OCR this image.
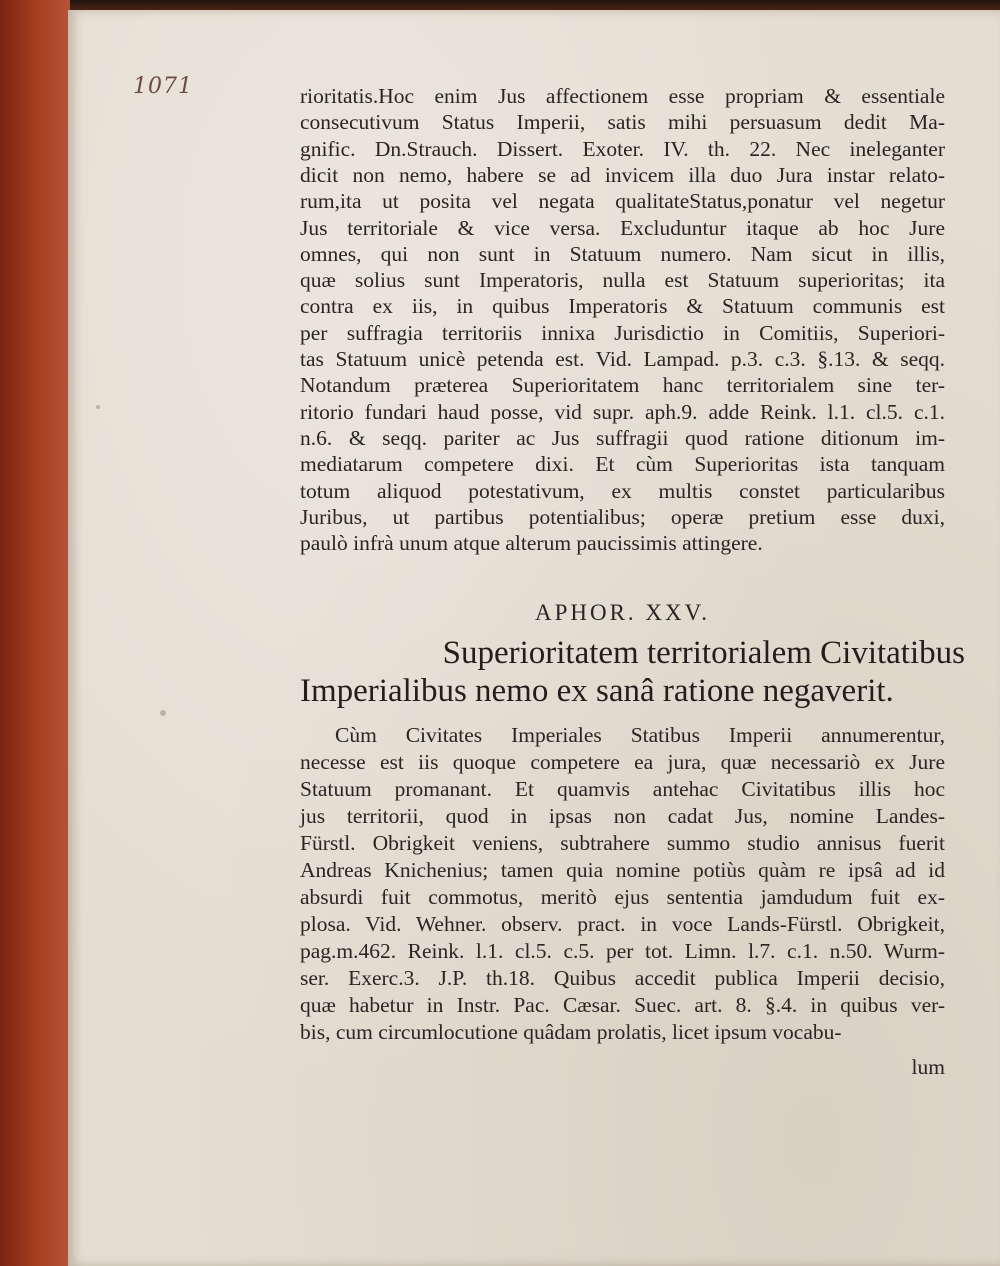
1071	rioritatis.Hoc enim Jus affectionem esse propriam & essentiale
consecutivum Status Imperii, satis mihi persuasum dedit Ma-
gnific. Dn.Strauch. Dissert. Exoter. IV. th. 22. Nec ineleganter
dicit non nemo, habere se ad invicem illa duo Jura instar relato-
rum,ita ut posita vel negata qualitateStatus,ponatur vel negetur
Jus territoriale & vice versa. Excluduntur itaque ab hoc Jure
omnes, qui non sunt in Statuum numero. Nam sicut in illis,
quæ solius sunt Imperatoris, nulla est Statuum superioritas; ita
contra ex iis, in quibus Imperatoris & Statuum communis est
per suffragia territoriis innixa Jurisdictio in Comitiis, Superiori-
tas Statuum unicè petenda est. Vid. Lampad. p.3. c.3. §.13. & seqq.
Notandum præterea Superioritatem hanc territorialem sine ter-
ritorio fundari haud posse, vid supr. aph.9. adde Reink. l.1. cl.5. c.1.
n.6. & seqq. pariter ac Jus suffragii quod ratione ditionum im-
mediatarum competere dixi. Et cùm Superioritas ista tanquam
totum aliquod potestativum, ex multis constet particularibus
Juribus, ut partibus potentialibus; operæ pretium esse duxi,
paulò infrà unum atque alterum paucissimis attingere.
APHOR. XXV.
Superioritatem territorialem Civitatibus
Imperialibus nemo ex sanâ ratione negaverit.
Cùm Civitates Imperiales Statibus Imperii annumerentur,
necesse est iis quoque competere ea jura, quæ necessariò ex Jure
Statuum promanant. Et quamvis antehac Civitatibus illis hoc
jus territorii, quod in ipsas non cadat Jus, nomine Landes-
Fürstl. Obrigkeit veniens, subtrahere summo studio annisus fuerit
Andreas Knichenius; tamen quia nomine potiùs quàm re ipsâ ad id
absurdi fuit commotus, meritò ejus sententia jamdudum fuit ex-
plosa. Vid. Wehner. observ. pract. in voce Lands-Fürstl. Obrigkeit,
pag.m.462. Reink. l.1. cl.5. c.5. per tot. Limn. l.7. c.1. n.50. Wurm-
ser. Exerc.3. J.P. th.18. Quibus accedit publica Imperii decisio,
quæ habetur in Instr. Pac. Cæsar. Suec. art. 8. §.4. in quibus ver-
bis, cum circumlocutione quâdam prolatis, licet ipsum vocabu-
lum
